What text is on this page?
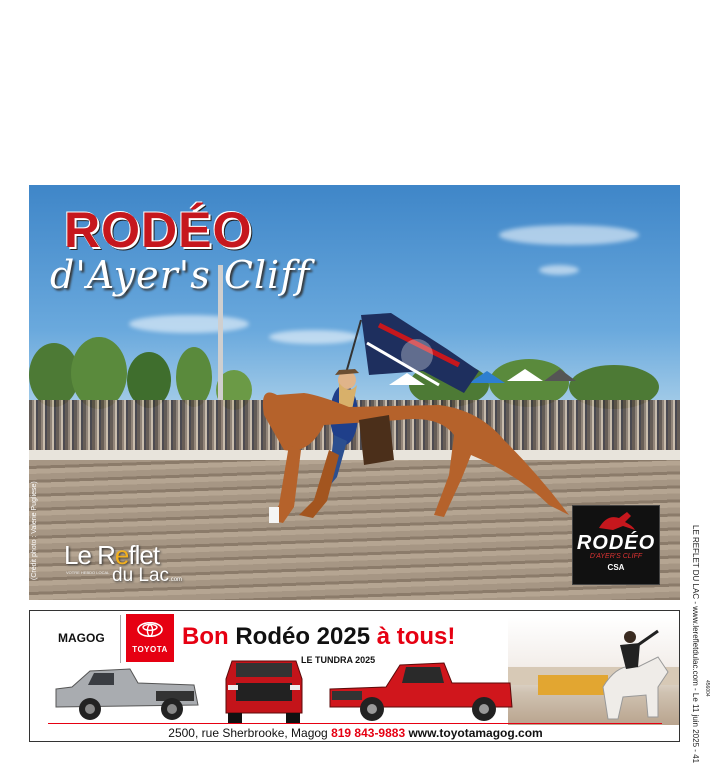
RODÉO
d'Ayer's Cliff
(Crédit photo : Valerie Pugliese) Le Reflet
VOTRE HEBDO LOCAL du Lac.com
RODÉO
D'AYER'S CLIFF
CSA	LE REFLET DU LAC - www.lerefletdulac.com - Le 11 juin 2025 - 41 456004
MAGOG
TOYOTA Bon Rodéo 2025 à tous!
LE TUNDRA 2025
2500, rue Sherbrooke, Magog 819 843-9883 www.toyotamagog.com
